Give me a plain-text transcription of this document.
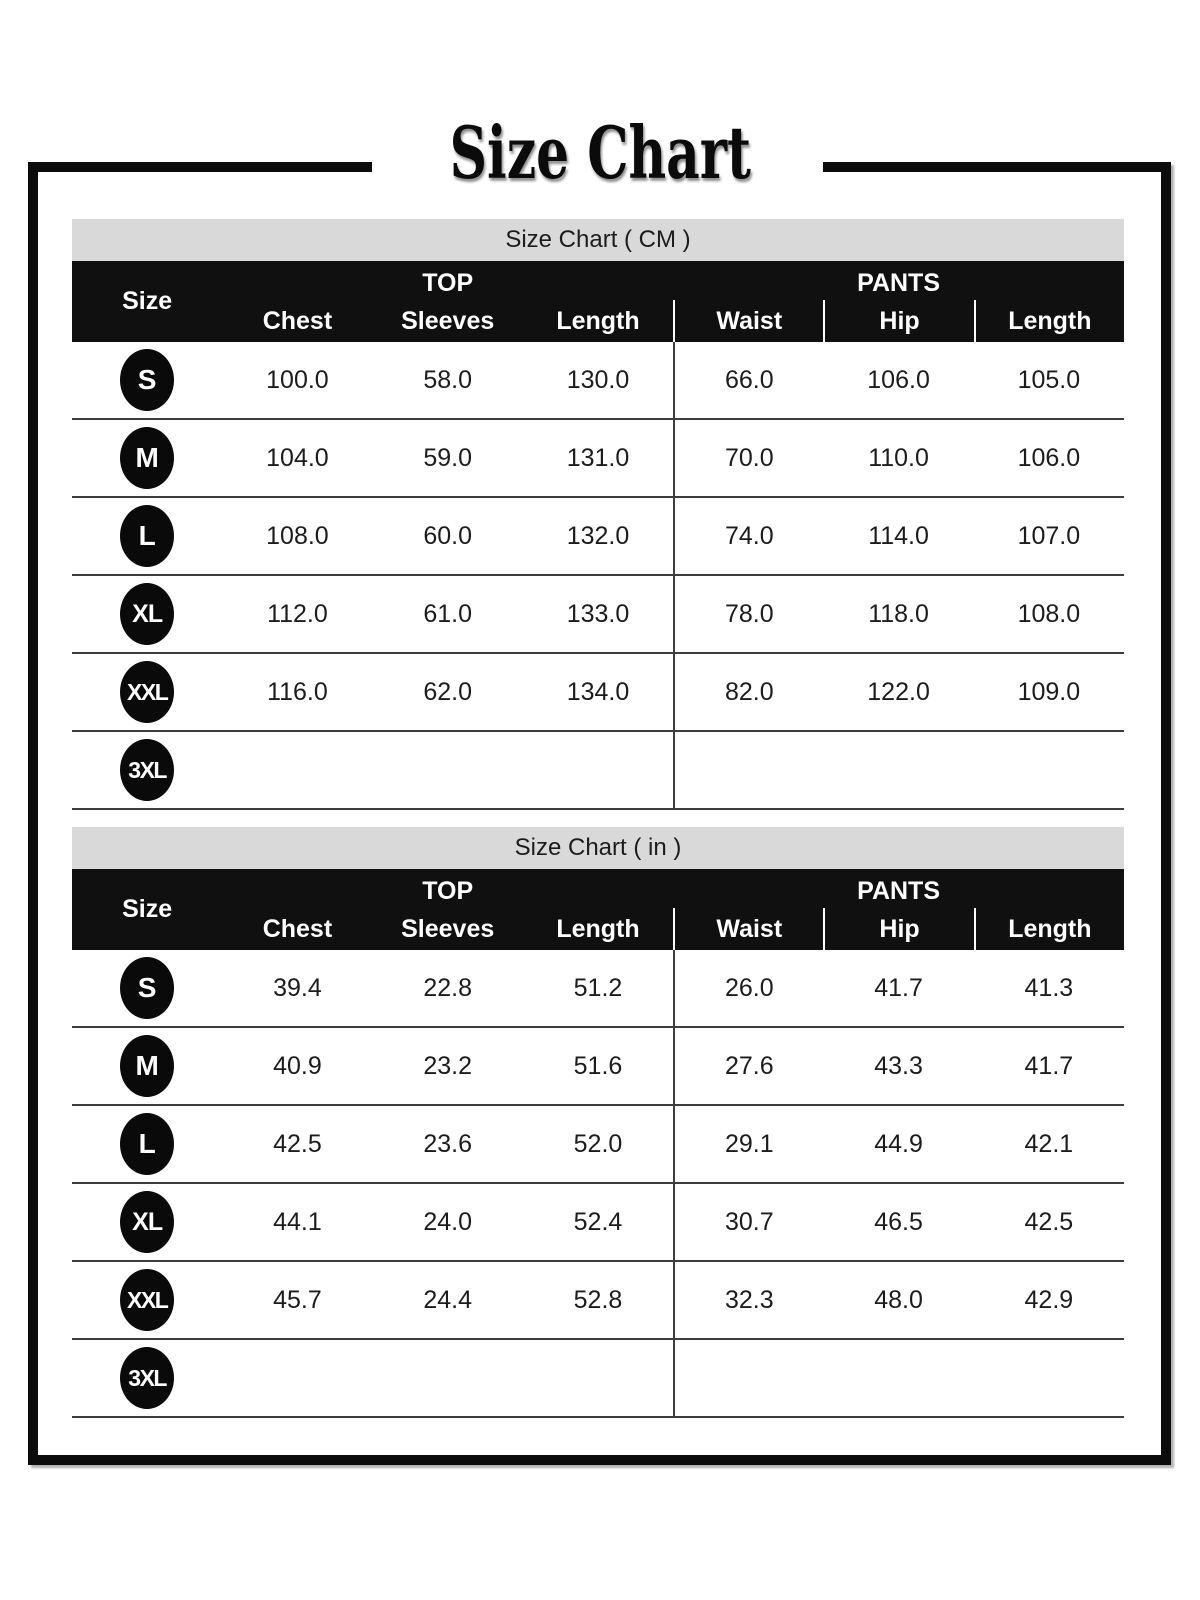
Size Chart
Size Chart ( CM )
Size
TOP	PANTS
Chest	Sleeves	Length	Waist	Hip	Length
S	100.0	58.0	130.0	66.0	106.0	105.0
M	104.0	59.0	131.0	70.0	110.0	106.0
L	108.0	60.0	132.0	74.0	114.0	107.0
XL	112.0	61.0	133.0	78.0	118.0	108.0
XXL	116.0	62.0	134.0	82.0	122.0	109.0
3XL
Size Chart ( in )
Size
TOP	PANTS
Chest	Sleeves	Length	Waist	Hip	Length
S	39.4	22.8	51.2	26.0	41.7	41.3
M	40.9	23.2	51.6	27.6	43.3	41.7
L	42.5	23.6	52.0	29.1	44.9	42.1
XL	44.1	24.0	52.4	30.7	46.5	42.5
XXL	45.7	24.4	52.8	32.3	48.0	42.9
3XL
